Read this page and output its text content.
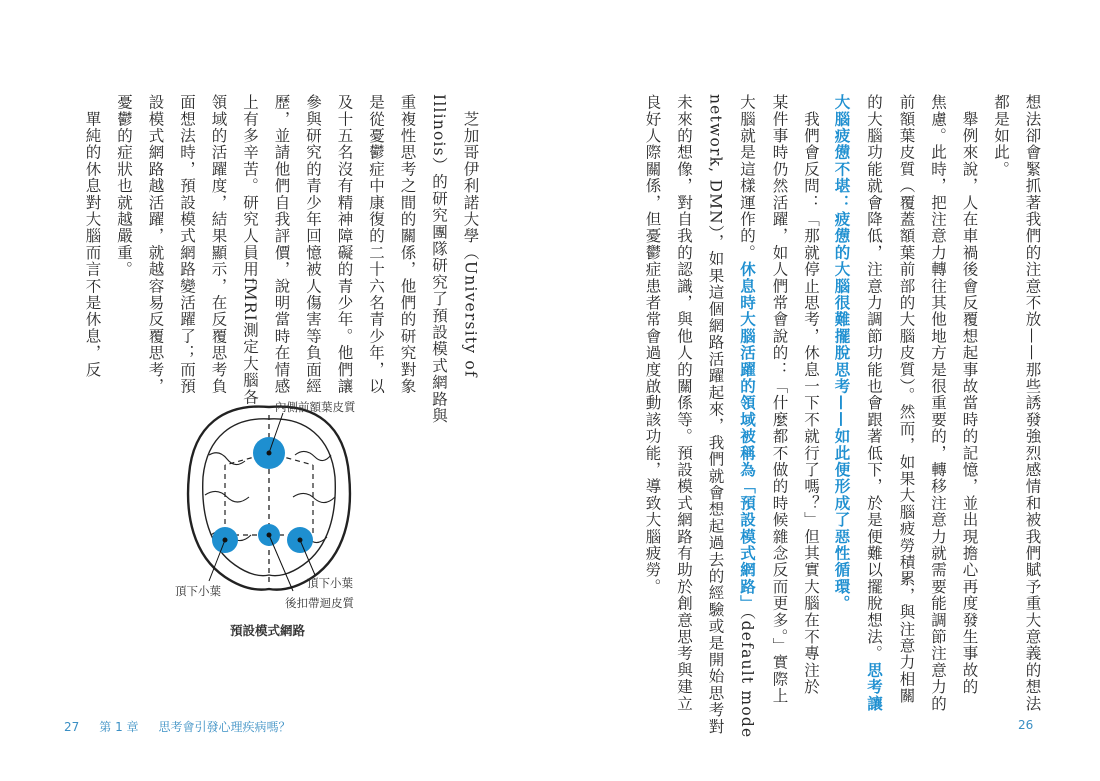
想法卻會緊抓著我們的注意不放——那些誘發強烈感情和被我們賦予重大意義的想法
都是如此。
　舉例來說，人在車禍後會反覆想起事故當時的記憶，並出現擔心再度發生事故的
焦慮。此時，把注意力轉往其他地方是很重要的，轉移注意力就需要能調節注意力的
前額葉皮質（覆蓋額葉前部的大腦皮質）。然而，如果大腦疲勞積累，與注意力相關
的大腦功能就會降低，注意力調節功能也會跟著低下，於是便難以擺脫想法。思考讓
大腦疲憊不堪：疲憊的大腦很難擺脫思考——如此便形成了惡性循環。
　我們會反問：「那就停止思考，休息一下不就行了嗎？」但其實大腦在不專注於
某件事時仍然活躍，如人們常會說的：「什麼都不做的時候雜念反而更多。」實際上
大腦就是這樣運作的。休息時大腦活躍的領域被稱為「預設模式網路」（default mode
network, DMN），如果這個網路活躍起來，我們就會想起過去的經驗或是開始思考對
未來的想像，對自我的認識，與他人的關係等。預設模式網路有助於創意思考與建立
良好人際關係，但憂鬱症患者常會過度啟動該功能，導致大腦疲勞。
　芝加哥伊利諾大學（University of
Illinois）的研究團隊研究了預設模式網路與
重複性思考之間的關係，他們的研究對象
是從憂鬱症中康復的二十六名青少年，以
及十五名沒有精神障礙的青少年。他們讓
參與研究的青少年回憶被人傷害等負面經
歷，並請他們自我評價，說明當時在情感
上有多辛苦。研究人員用fMRI測定大腦各
領域的活躍度，結果顯示，在反覆思考負
面想法時，預設模式網路變活躍了；而預
設模式網路越活躍，就越容易反覆思考，
憂鬱的症狀也就越嚴重。
　單純的休息對大腦而言不是休息，反
內側前額葉皮質
頂下小葉
頂下小葉
後扣帶迴皮質
預設模式網路
27 第 1 章 思考會引發心理疾病嗎？	26
